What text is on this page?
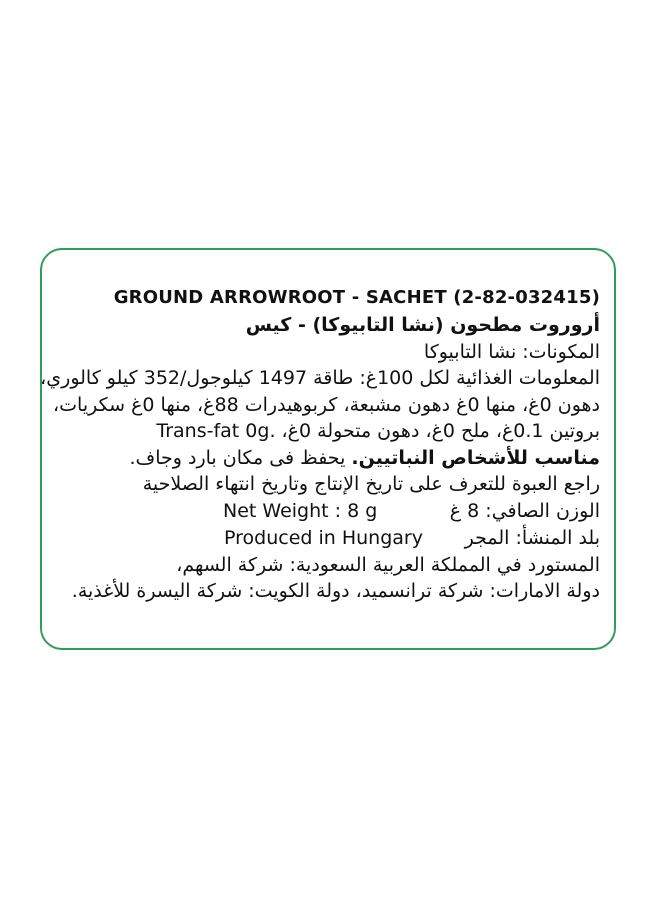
GROUND ARROWROOT - SACHET (2-82-032415)
أروروت مطحون (نشا التابيوكا) - كيس
المكونات: نشا التابيوكا
المعلومات الغذائية لكل 100غ: طاقة 1497 كيلوجول/352 كيلو كالوري،
دهون 0غ، منها 0غ دهون مشبعة، كربوهيدرات 88غ، منها 0غ سكريات،
بروتين 0.1غ، ملح 0غ، دهون متحولة 0غ، Trans-fat 0g.
مناسب للأشخاص النباتيين. يحفظ فى مكان بارد وجاف.
راجع العبوة للتعرف على تاريخ الإنتاج وتاريخ انتهاء الصلاحية
الوزن الصافي: 8 غ
Net Weight : 8 g
بلد المنشأ: المجر
Produced in Hungary
المستورد في المملكة العربية السعودية: شركة السهم،
دولة الامارات: شركة ترانسميد، دولة الكويت: شركة اليسرة للأغذية.
